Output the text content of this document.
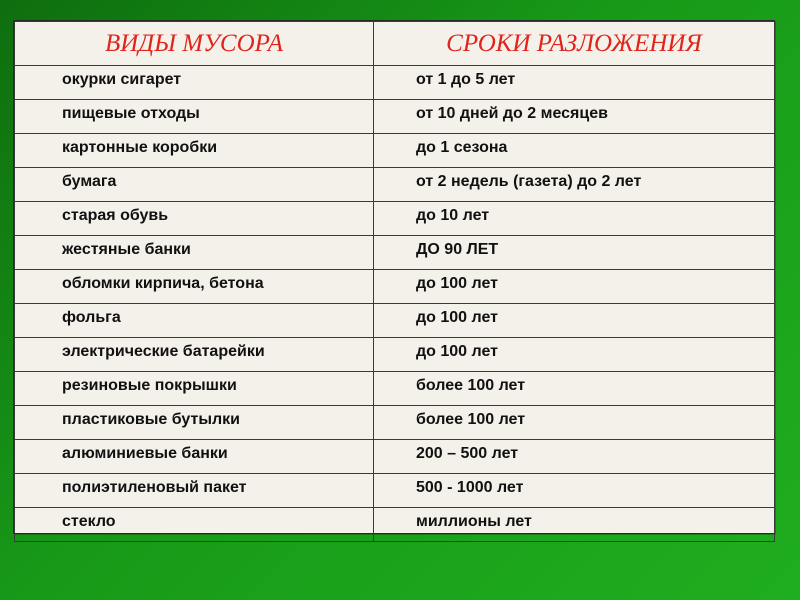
ВИДЫ МУСОРА	СРОКИ РАЗЛОЖЕНИЯ

окурки сигарет	от 1 до 5 лет

пищевые отходы	от 10 дней до 2 месяцев

картонные коробки	до 1 сезона

бумага	от 2 недель (газета) до 2 лет

старая обувь	до 10 лет

жестяные банки	ДО 90 ЛЕТ

обломки кирпича, бетона	до 100 лет

фольга	до 100 лет

электрические батарейки	до 100 лет

резиновые покрышки	более 100 лет

пластиковые бутылки	более 100 лет

алюминиевые банки	200 – 500 лет

полиэтиленовый пакет	500 - 1000 лет

стекло	миллионы лет
